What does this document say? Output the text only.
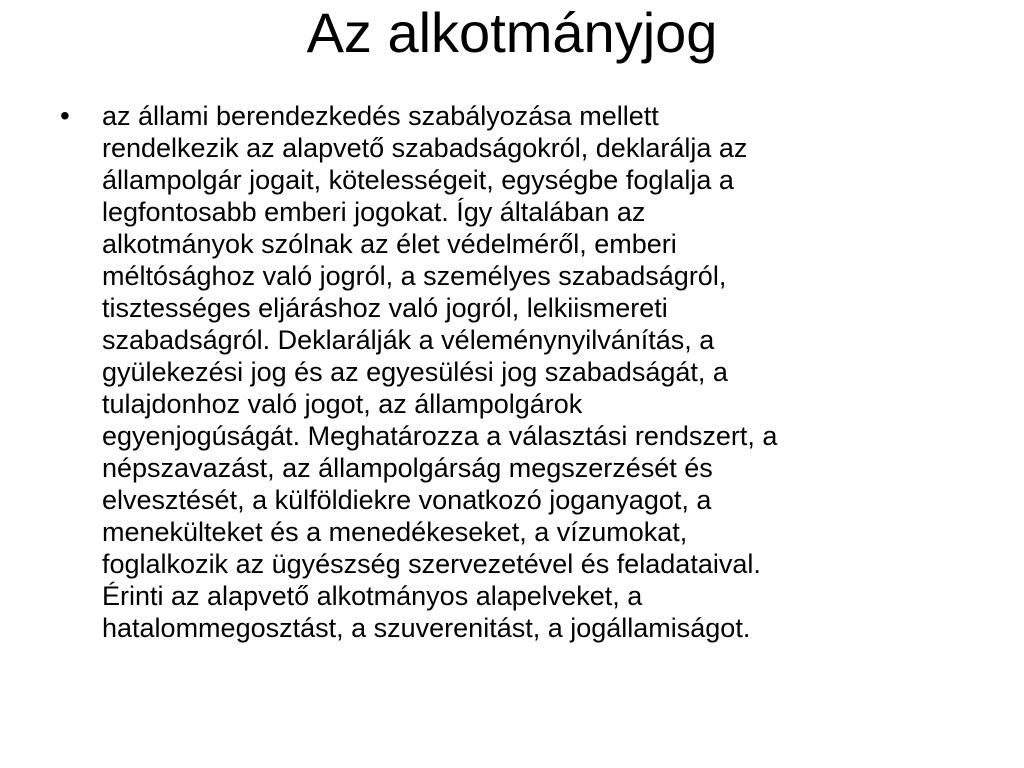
Az alkotmányjog
• az állami berendezkedés szabályozása mellett
rendelkezik az alapvető szabadságokról, deklarálja az
állampolgár jogait, kötelességeit, egységbe foglalja a
legfontosabb emberi jogokat. Így általában az
alkotmányok szólnak az élet védelméről, emberi
méltósághoz való jogról, a személyes szabadságról,
tisztességes eljáráshoz való jogról, lelkiismereti
szabadságról. Deklarálják a véleménynyilvánítás, a
gyülekezési jog és az egyesülési jog szabadságát, a
tulajdonhoz való jogot, az állampolgárok
egyenjogúságát. Meghatározza a választási rendszert, a
népszavazást, az állampolgárság megszerzését és
elvesztését, a külföldiekre vonatkozó joganyagot, a
menekülteket és a menedékeseket, a vízumokat,
foglalkozik az ügyészség szervezetével és feladataival.
Érinti az alapvető alkotmányos alapelveket, a
hatalommegosztást, a szuverenitást, a jogállamiságot.
